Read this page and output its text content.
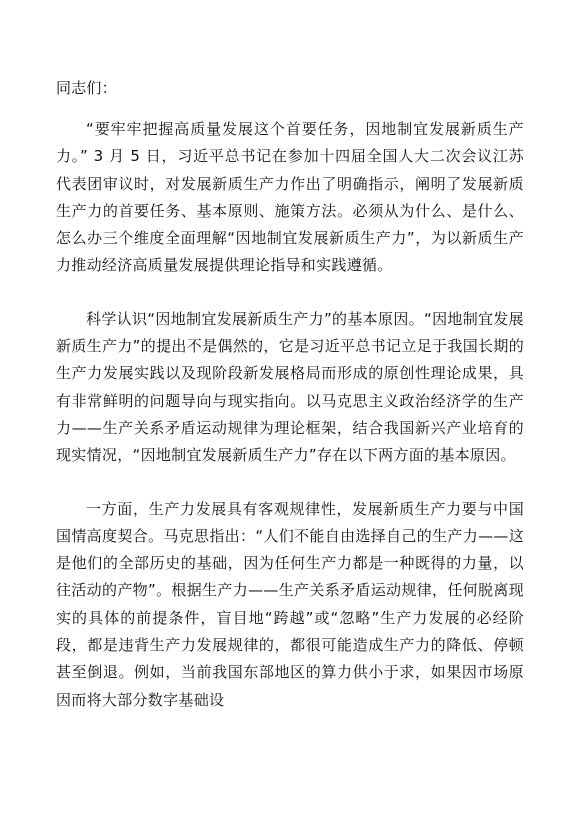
同志们：

“要牢牢把握高质量发展这个首要任务，因地制宜发展新质生产力。” 3 月 5 日，习近平总书记在参加十四届全国人大二次会议江苏代表团审议时，对发展新质生产力作出了明确指示，阐明了发展新质生产力的首要任务、基本原则、施策方法。必须从为什么、是什么、怎么办三个维度全面理解“因地制宜发展新质生产力”，为以新质生产力推动经济高质量发展提供理论指导和实践遵循。

科学认识“因地制宜发展新质生产力”的基本原因。“因地制宜发展新质生产力”的提出不是偶然的，它是习近平总书记立足于我国长期的生产力发展实践以及现阶段新发展格局而形成的原创性理论成果，具有非常鲜明的问题导向与现实指向。以马克思主义政治经济学的生产力——生产关系矛盾运动规律为理论框架，结合我国新兴产业培育的现实情况，“因地制宜发展新质生产力”存在以下两方面的基本原因。

一方面，生产力发展具有客观规律性，发展新质生产力要与中国国情高度契合。马克思指出：“人们不能自由选择自己的生产力——这是他们的全部历史的基础，因为任何生产力都是一种既得的力量，以往活动的产物”。根据生产力——生产关系矛盾运动规律，任何脱离现实的具体的前提条件，盲目地“跨越”或“忽略”生产力发展的必经阶段，都是违背生产力发展规律的，都很可能造成生产力的降低、停顿甚至倒退。例如，当前我国东部地区的算力供小于求，如果因市场原因而将大部分数字基础设
